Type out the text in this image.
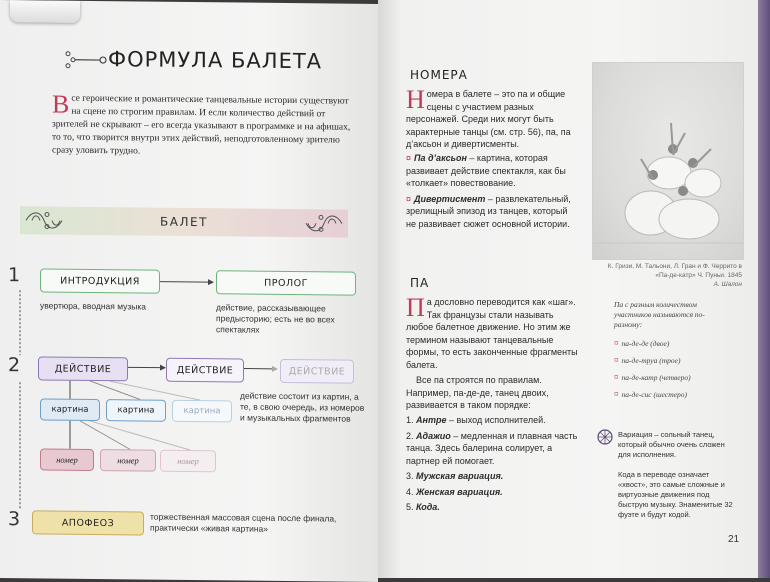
ФОРМУЛА БАЛЕТА
В се героические и романтические танцевальные истории существуют на сцене по строгим правилам. И если количество действий от зрителей не скрывают – его всегда указывают в программке и на афишах, то то, что творится внутри этих действий, неподготовленному зрителю сразу уловить трудно.
БАЛЕТ
1
2
3
ИНТРОДУКЦИЯ	ПРОЛОГ
увертюра, вводная музыка	действие, рассказывающее предысторию; есть не во всех спектаклях
ДЕЙСТВИЕ	ДЕЙСТВИЕ	ДЕЙСТВИЕ
картина	картина	картина
действие состоит из картин, а те, в свою очередь, из номеров и музыкальных фрагментов
номер	номер	номер
АПОФЕОЗ	торжественная массовая сцена после финала, практически «живая картина»
НОМЕРА
Н омера в балете – это па и общие сцены с участием разных персонажей. Среди них могут быть характерные танцы (см. стр. 56), па, па д’аксьон и дивертисменты.
¤ Па д’аксьон – картина, которая развивает действие спектакля, как бы «толкает» повествование.
¤ Дивертисмент – развлекательный, зрелищный эпизод из танцев, который не развивает сюжет основной истории.
ПА
П а дословно переводится как «шаг». Так французы стали называть любое балетное движение. Но этим же термином называют танцевальные формы, то есть законченные фрагменты балета.
Все па строятся по правилам. Например, па-де-де, танец двоих, развивается в таком порядке:
1. Антре – выход исполнителей.
2. Адажио – медленная и плавная часть танца. Здесь балерина солирует, а партнер ей помогает.
3. Мужская вариация.
4. Женская вариация.
5. Кода.
К. Гризи, М. Тальони, Л. Гран и Ф. Черрито в «Па-де-катр» Ч. Пуньи. 1845
А. Шалон
Па с разным количеством участников называются по-разному:
¤ па-де-де (двое)
¤ па-де-труа (трое)
¤ па-де-катр (четверо)
¤ па-де-сис (шестеро)
Вариация – сольный танец, который обычно очень сложен для исполнения.
Кода в переводе означает «хвост», это самые сложные и виртуозные движения под быструю музыку. Знаменитые 32 фуэте и будут кодой.
21
